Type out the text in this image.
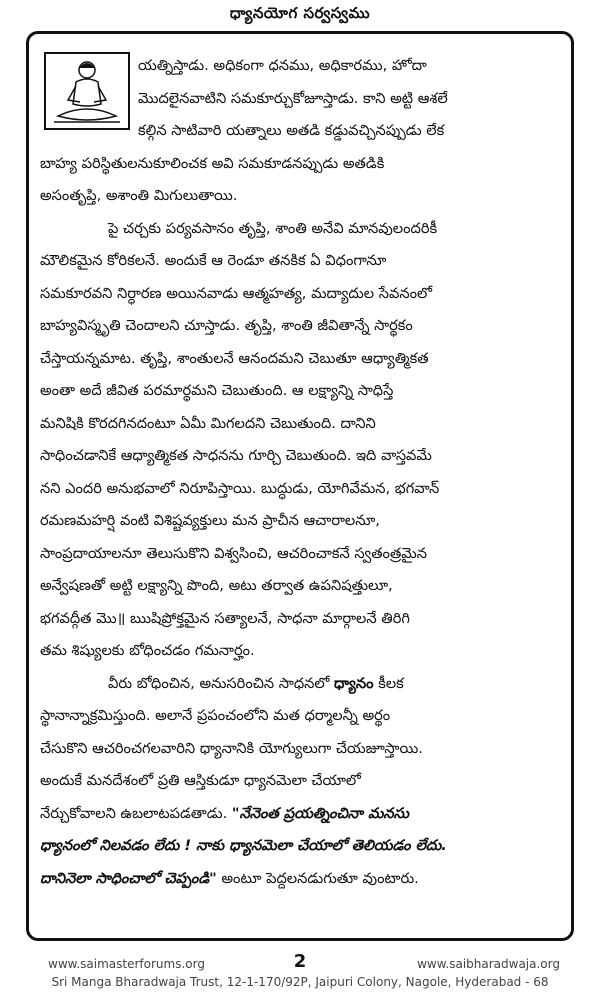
ధ్యానయోగ సర్వస్వము
యత్నిస్తాడు. అధికంగా ధనము, అధికారము, హోదా
మొదలైనవాటిని సమకూర్చుకోజూస్తాడు. కాని అట్టి ఆశలే
కల్గిన సాటివారి యత్నాలు అతడి కడ్డువచ్చినప్పుడు లేక
బాహ్య పరిస్థితులనుకూలించక అవి సమకూడనప్పుడు అతడికి
అసంతృప్తి, అశాంతి మిగులుతాయి.
పై చర్చకు పర్యవసానం తృప్తి, శాంతి అనేవి మానవులందరికీ
మౌలికమైన కోరికలనే. అందుకే ఆ రెండూ తనకిక ఏ విధంగానూ
సమకూరవని నిర్ధారణ అయినవాడు ఆత్మహత్య, మద్యాదుల సేవనంలో
బాహ్యవిస్మృతి చెందాలని చూస్తాడు. తృప్తి, శాంతి జీవితాన్నే సార్థకం
చేస్తాయన్నమాట. తృప్తి, శాంతులనే ఆనందమని చెబుతూ ఆధ్యాత్మికత
అంతా అదే జీవిత పరమార్థమని చెబుతుంది. ఆ లక్ష్యాన్ని సాధిస్తే
మనిషికి కొరదగినదంటూ ఏమీ మిగలదని చెబుతుంది. దానిని
సాధించడానికే ఆధ్యాత్మికత సాధనను గూర్చి చెబుతుంది. ఇది వాస్తవమే
నని ఎందరి అనుభవాలో నిరూపిస్తాయి. బుద్ధుడు, యోగివేమన, భగవాన్
రమణమహర్షి వంటి విశిష్టవ్యక్తులు మన ప్రాచీన ఆచారాలనూ,
సాంప్రదాయాలనూ తెలుసుకొని విశ్వసించి, ఆచరించాకనే స్వతంత్రమైన
అన్వేషణతో అట్టి లక్ష్యాన్ని పొంది, అటు తర్వాత ఉపనిషత్తులూ,
భగవద్గీత మొ॥ ఋషిప్రోక్తమైన సత్యాలనే, సాధనా మార్గాలనే తిరిగి
తమ శిష్యులకు బోధించడం గమనార్హం.
వీరు బోధించిన, అనుసరించిన సాధనలో ధ్యానం కీలక
స్థానాన్నాక్రమిస్తుంది. అలానే ప్రపంచంలోని మత ధర్మాలన్నీ అర్థం
చేసుకొని ఆచరించగలవారిని ధ్యానానికి యోగ్యులుగా చేయజూస్తాయి.
అందుకే మనదేశంలో ప్రతి ఆస్తికుడూ ధ్యానమెలా చేయాలో
నేర్చుకోవాలని ఉబలాటపడతాడు. "నేనెంత ప్రయత్నించినా మనసు
ధ్యానంలో నిలవడం లేదు ! నాకు ధ్యానమెలా చేయాలో తెలియడం లేదు.
దానినెలా సాధించాలో చెప్పండి" అంటూ పెద్దలనడుగుతూ వుంటారు.
www.saimasterforums.org	2	www.saibharadwaja.org
Sri Manga Bharadwaja Trust, 12-1-170/92P, Jaipuri Colony, Nagole, Hyderabad - 68
